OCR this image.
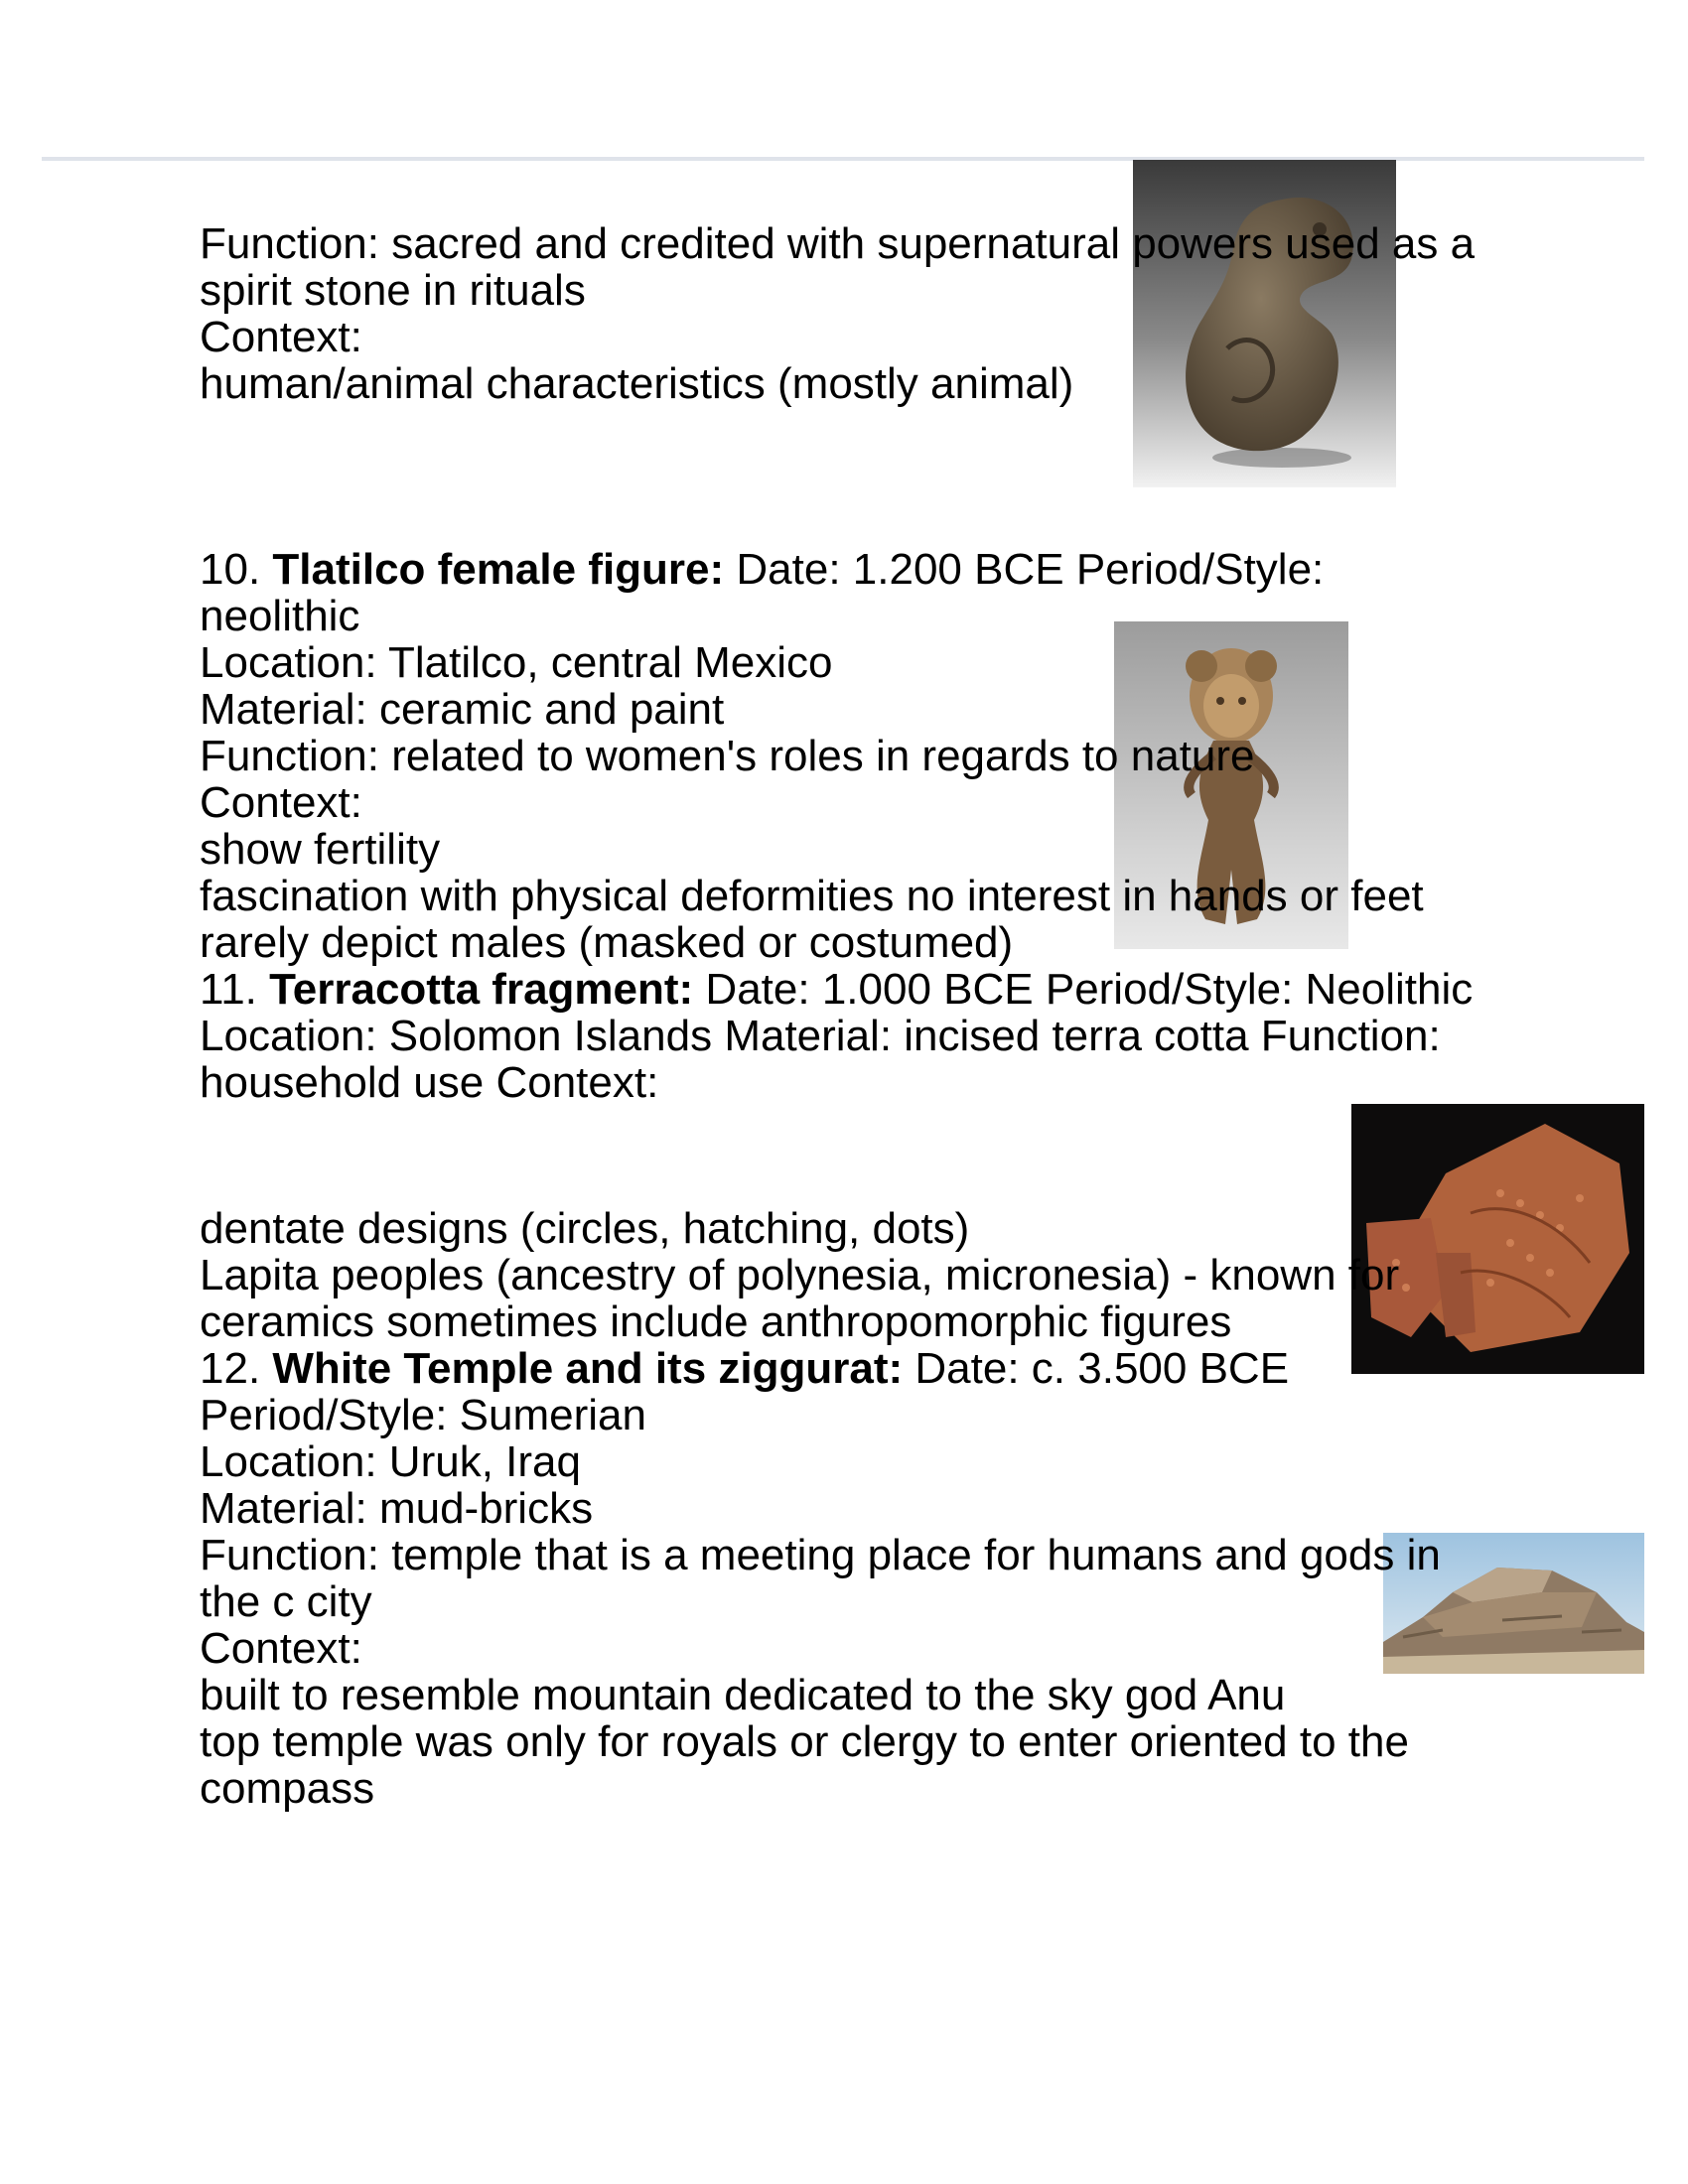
Function: sacred and credited with supernatural powers used as a

spirit stone in rituals

Context:

human/animal characteristics (mostly animal)

10. Tlatilco female figure: Date: 1.200 BCE Period/Style:

neolithic

Location: Tlatilco, central Mexico

Material: ceramic and paint

Function: related to women's roles in regards to nature

Context:

show fertility

fascination with physical deformities no interest in hands or feet

rarely depict males (masked or costumed)

11. Terracotta fragment: Date: 1.000 BCE Period/Style: Neolithic

Location: Solomon Islands Material: incised terra cotta Function:

household use Context:

dentate designs (circles, hatching, dots)

Lapita peoples (ancestry of polynesia, micronesia) - known for

ceramics sometimes include anthropomorphic figures

12. White Temple and its ziggurat: Date: c. 3.500 BCE

Period/Style: Sumerian

Location: Uruk, Iraq

Material: mud-bricks

Function: temple that is a meeting place for humans and gods in

the c city

Context:

built to resemble mountain dedicated to the sky god Anu

top temple was only for royals or clergy to enter oriented to the

compass
